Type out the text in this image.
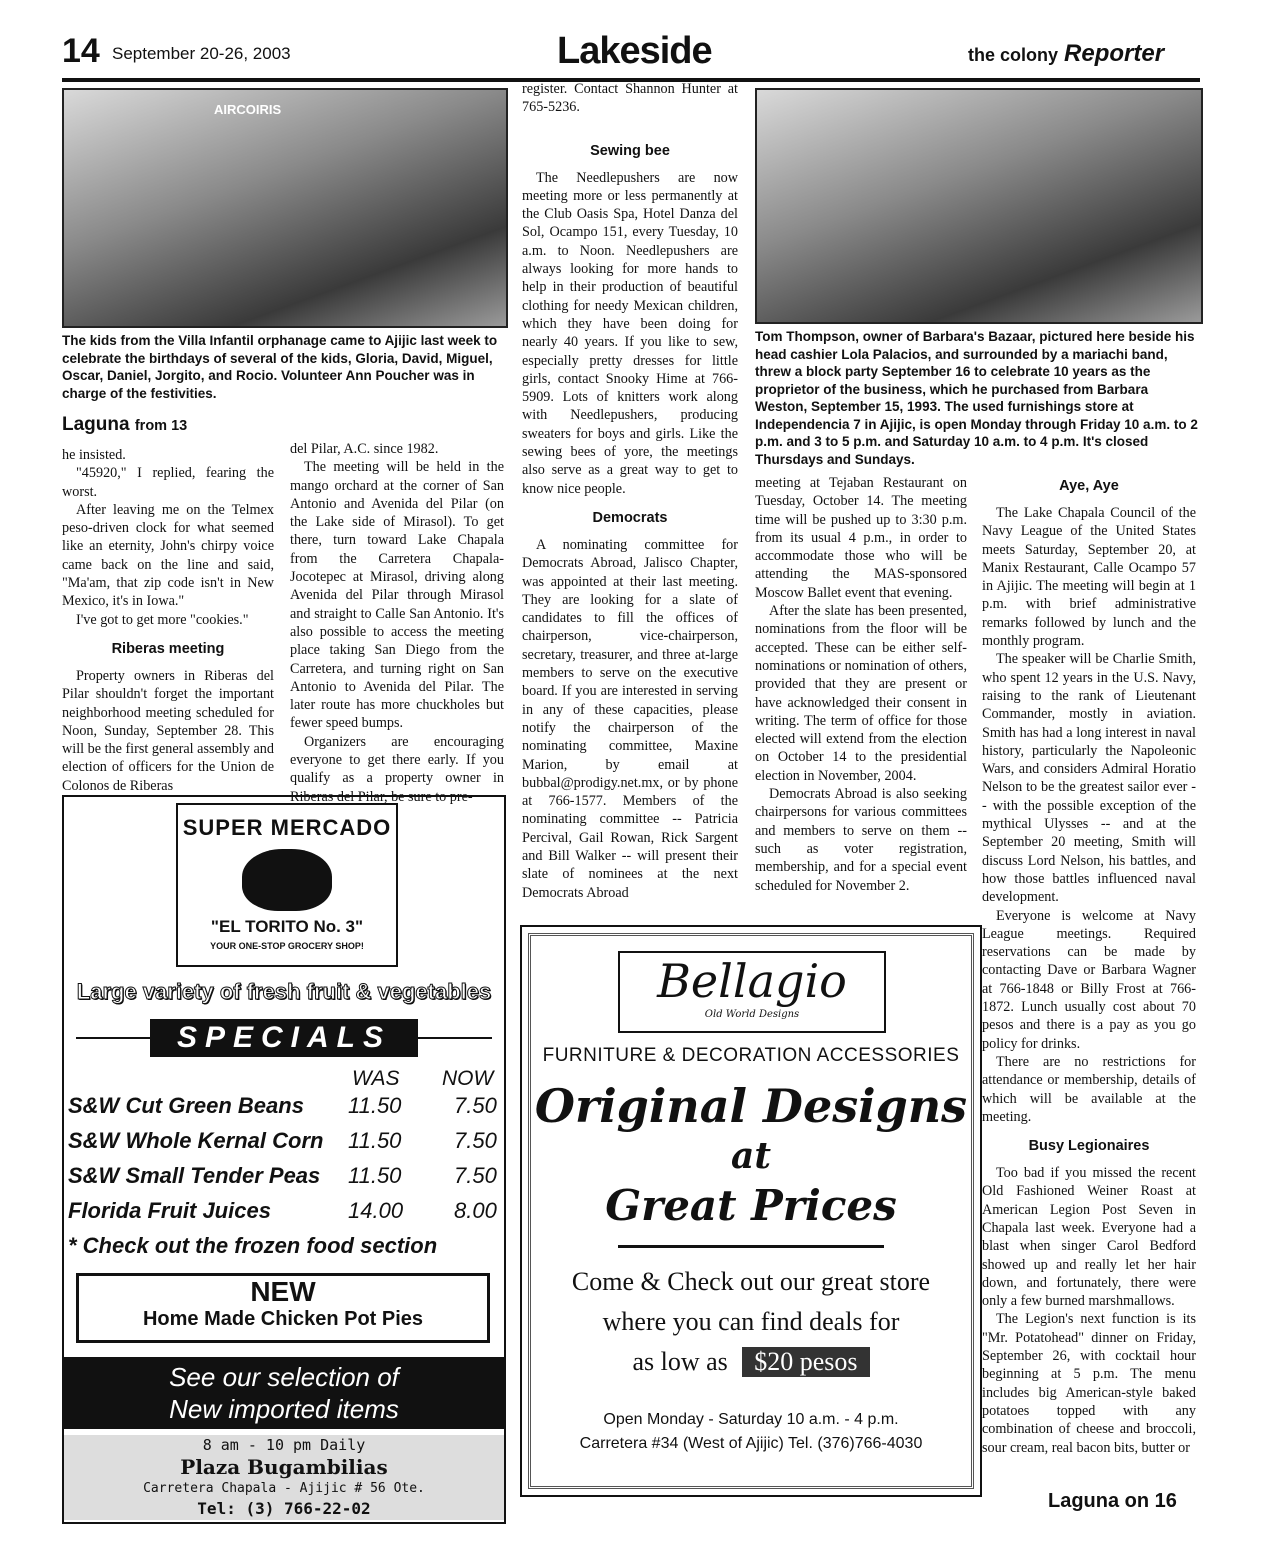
14 September 20-26, 2003	Lakeside	the colony Reporter
AIRCOIRIS
The kids from the Villa Infantil orphanage came to Ajijic last week to celebrate the birthdays of several of the kids, Gloria, David, Miguel, Oscar, Daniel, Jorgito, and Rocio. Volunteer Ann Poucher was in charge of the festivities.
Laguna from 13

he insisted.

"45920," I replied, fearing the worst.

After leaving me on the Telmex peso-driven clock for what seemed like an eternity, John's chirpy voice came back on the line and said, "Ma'am, that zip code isn't in New Mexico, it's in Iowa."

I've got to get more "cookies."

Riberas meeting

Property owners in Riberas del Pilar shouldn't forget the important neighborhood meeting scheduled for Noon, Sunday, September 28. This will be the first general assembly and election of officers for the Union de Colonos de Riberas

del Pilar, A.C. since 1982.

The meeting will be held in the mango orchard at the corner of San Antonio and Avenida del Pilar (on the Lake side of Mirasol). To get there, turn toward Lake Chapala from the Carretera Chapala-Jocotepec at Mirasol, driving along Avenida del Pilar through Mirasol and straight to Calle San Antonio. It's also possible to access the meeting place taking San Diego from the Carretera, and turning right on San Antonio to Avenida del Pilar. The later route has more chuckholes but fewer speed bumps.

Organizers are encouraging everyone to get there early. If you qualify as a property owner in Riberas del Pilar, be sure to pre-

register. Contact Shannon Hunter at 765-5236.

Sewing bee

The Needlepushers are now meeting more or less permanently at the Club Oasis Spa, Hotel Danza del Sol, Ocampo 151, every Tuesday, 10 a.m. to Noon. Needlepushers are always looking for more hands to help in their production of beautiful clothing for needy Mexican children, which they have been doing for nearly 40 years. If you like to sew, especially pretty dresses for little girls, contact Snooky Hime at 766-5909. Lots of knitters work along with Needlepushers, producing sweaters for boys and girls. Like the sewing bees of yore, the meetings also serve as a great way to get to know nice people.

Democrats

A nominating committee for Democrats Abroad, Jalisco Chapter, was appointed at their last meeting. They are looking for a slate of candidates to fill the offices of chairperson, vice-chairperson, secretary, treasurer, and three at-large members to serve on the executive board. If you are interested in serving in any of these capacities, please notify the chairperson of the nominating committee, Maxine Marion, by email at bubbal@prodigy.net.mx, or by phone at 766-1577. Members of the nominating committee -- Patricia Percival, Gail Rowan, Rick Sargent and Bill Walker -- will present their slate of nominees at the next Democrats Abroad

Tom Thompson, owner of Barbara's Bazaar, pictured here beside his head cashier Lola Palacios, and surrounded by a mariachi band, threw a block party September 16 to celebrate 10 years as the proprietor of the business, which he purchased from Barbara Weston, September 15, 1993. The used furnishings store at Independencia 7 in Ajijic, is open Monday through Friday 10 a.m. to 2 p.m. and 3 to 5 p.m. and Saturday 10 a.m. to 4 p.m. It's closed Thursdays and Sundays.

meeting at Tejaban Restaurant on Tuesday, October 14. The meeting time will be pushed up to 3:30 p.m. from its usual 4 p.m., in order to accommodate those who will be attending the MAS-sponsored Moscow Ballet event that evening.

After the slate has been presented, nominations from the floor will be accepted. These can be either self-nominations or nomination of others, provided that they are present or have acknowledged their consent in writing. The term of office for those elected will extend from the election on October 14 to the presidential election in November, 2004.

Democrats Abroad is also seeking chairpersons for various committees and members to serve on them -- such as voter registration, membership, and for a special event scheduled for November 2.

Aye, Aye

The Lake Chapala Council of the Navy League of the United States meets Saturday, September 20, at Manix Restaurant, Calle Ocampo 57 in Ajijic. The meeting will begin at 1 p.m. with brief administrative remarks followed by lunch and the monthly program.

The speaker will be Charlie Smith, who spent 12 years in the U.S. Navy, raising to the rank of Lieutenant Commander, mostly in aviation. Smith has had a long interest in naval history, particularly the Napoleonic Wars, and considers Admiral Horatio Nelson to be the greatest sailor ever -- with the possible exception of the mythical Ulysses -- and at the September 20 meeting, Smith will discuss Lord Nelson, his battles, and how those battles influenced naval development.

Everyone is welcome at Navy League meetings. Required reservations can be made by contacting Dave or Barbara Wagner at 766-1848 or Billy Frost at 766-1872. Lunch usually cost about 70 pesos and there is a pay as you go policy for drinks.

There are no restrictions for attendance or membership, details of which will be available at the meeting.

Busy Legionaires

Too bad if you missed the recent Old Fashioned Weiner Roast at American Legion Post Seven in Chapala last week. Everyone had a blast when singer Carol Bedford showed up and really let her hair down, and fortunately, there were only a few burned marshmallows.

The Legion's next function is its "Mr. Potatohead" dinner on Friday, September 26, with cocktail hour beginning at 5 p.m. The menu includes big American-style baked potatoes topped with any combination of cheese and broccoli, sour cream, real bacon bits, butter or

SUPER MERCADO
"EL TORITO No. 3"
YOUR ONE-STOP GROCERY SHOP!
Large variety of fresh fruit & vegetables
SPECIALS
WAS NOW
S&W Cut Green Beans 11.50 7.50
S&W Whole Kernal Corn 11.50 7.50
S&W Small Tender Peas 11.50 7.50
Florida Fruit Juices	14.00 8.00
* Check out the frozen food section
NEW
Home Made Chicken Pot Pies
See our selection of
New imported items
8 am - 10 pm Daily
Plaza Bugambilias
Carretera Chapala - Ajijic # 56 Ote.
Tel: (3) 766-22-02
Bellagio
Old World Designs
FURNITURE & DECORATION ACCESSORIES
Original Designs
at
Great Prices
Come & Check out our great store
where you can find deals for
as low as $20 pesos
Open Monday - Saturday 10 a.m. - 4 p.m.
Carretera #34 (West of Ajijic) Tel. (376)766-4030
Laguna on 16
